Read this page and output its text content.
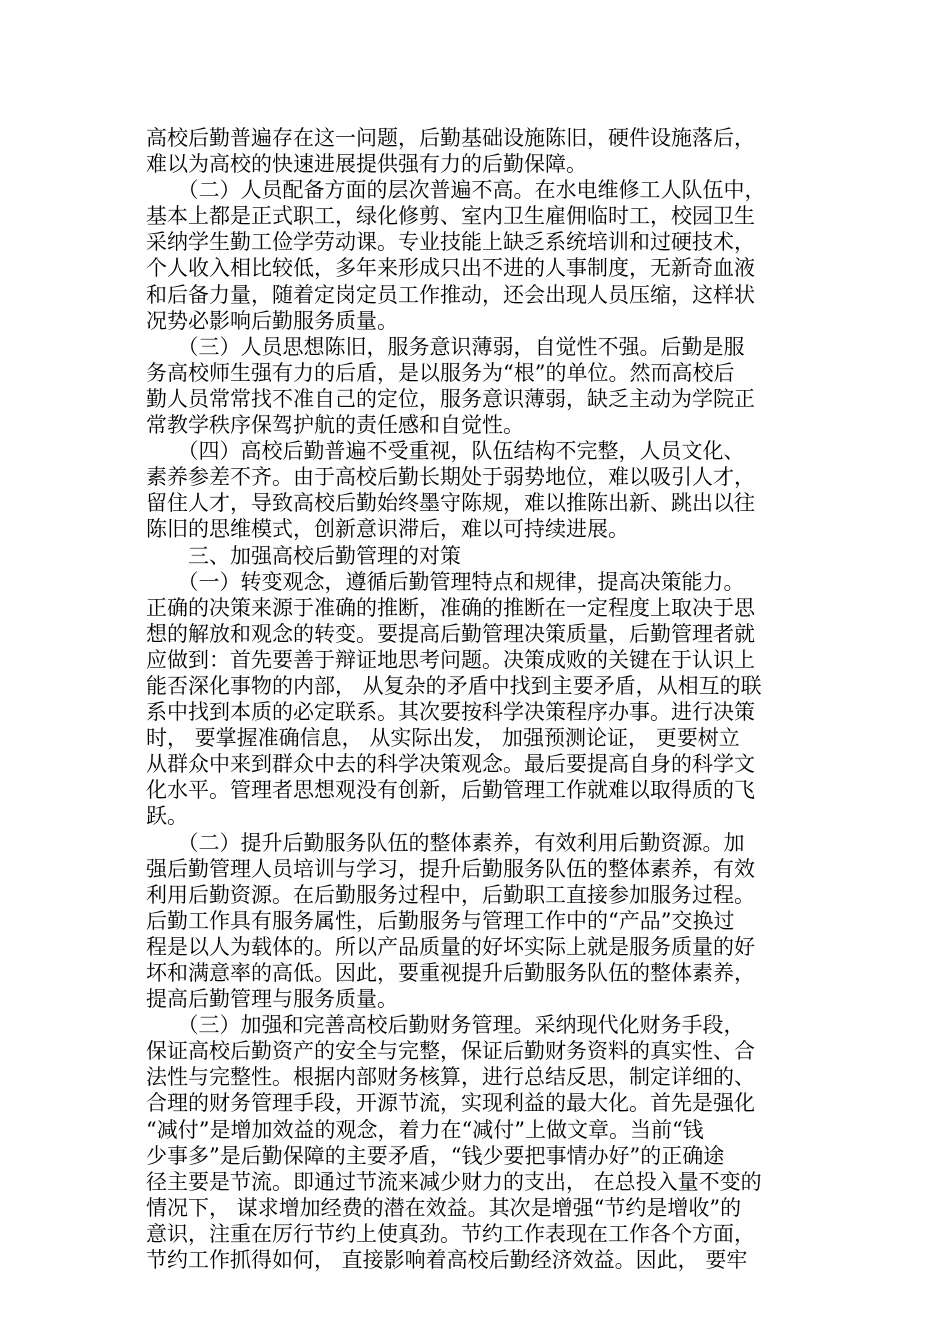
高校后勤普遍存在这一问题，后勤基础设施陈旧，硬件设施落后，
难以为高校的快速进展提供强有力的后勤保障。
　　（二）人员配备方面的层次普遍不高。在水电维修工人队伍中，
基本上都是正式职工，绿化修剪、室内卫生雇佣临时工，校园卫生
采纳学生勤工俭学劳动课。专业技能上缺乏系统培训和过硬技术，
个人收入相比较低，多年来形成只出不进的人事制度，无新奇血液
和后备力量，随着定岗定员工作推动，还会出现人员压缩，这样状
况势必影响后勤服务质量。
　　（三）人员思想陈旧，服务意识薄弱，自觉性不强。后勤是服
务高校师生强有力的后盾，是以服务为“根”的单位。然而高校后
勤人员常常找不准自己的定位，服务意识薄弱，缺乏主动为学院正
常教学秩序保驾护航的责任感和自觉性。
　　（四）高校后勤普遍不受重视，队伍结构不完整，人员文化、
素养参差不齐。由于高校后勤长期处于弱势地位，难以吸引人才，
留住人才，导致高校后勤始终墨守陈规，难以推陈出新、跳出以往
陈旧的思维模式，创新意识滞后，难以可持续进展。
　　三、加强高校后勤管理的对策
　　（一）转变观念，遵循后勤管理特点和规律，提高决策能力。
正确的决策来源于准确的推断，准确的推断在一定程度上取决于思
想的解放和观念的转变。要提高后勤管理决策质量，后勤管理者就
应做到：首先要善于辩证地思考问题。决策成败的关键在于认识上
能否深化事物的内部， 从复杂的矛盾中找到主要矛盾，从相互的联
系中找到本质的必定联系。其次要按科学决策程序办事。进行决策
时， 要掌握准确信息， 从实际出发， 加强预测论证， 更要树立
从群众中来到群众中去的科学决策观念。最后要提高自身的科学文
化水平。管理者思想观没有创新，后勤管理工作就难以取得质的飞
跃。
　　（二）提升后勤服务队伍的整体素养，有效利用后勤资源。加
强后勤管理人员培训与学习，提升后勤服务队伍的整体素养，有效
利用后勤资源。在后勤服务过程中，后勤职工直接参加服务过程。
后勤工作具有服务属性，后勤服务与管理工作中的“产品”交换过
程是以人为载体的。所以产品质量的好坏实际上就是服务质量的好
坏和满意率的高低。因此，要重视提升后勤服务队伍的整体素养，
提高后勤管理与服务质量。
　　（三）加强和完善高校后勤财务管理。采纳现代化财务手段，
保证高校后勤资产的安全与完整，保证后勤财务资料的真实性、合
法性与完整性。根据内部财务核算，进行总结反思，制定详细的、
合理的财务管理手段，开源节流，实现利益的最大化。首先是强化
“减付”是增加效益的观念，着力在“减付”上做文章。当前“钱
少事多”是后勤保障的主要矛盾，“钱少要把事情办好”的正确途
径主要是节流。即通过节流来减少财力的支出， 在总投入量不变的
情况下， 谋求增加经费的潜在效益。其次是增强“节约是增收”的
意识，注重在厉行节约上使真劲。节约工作表现在工作各个方面，
节约工作抓得如何， 直接影响着高校后勤经济效益。因此， 要牢
